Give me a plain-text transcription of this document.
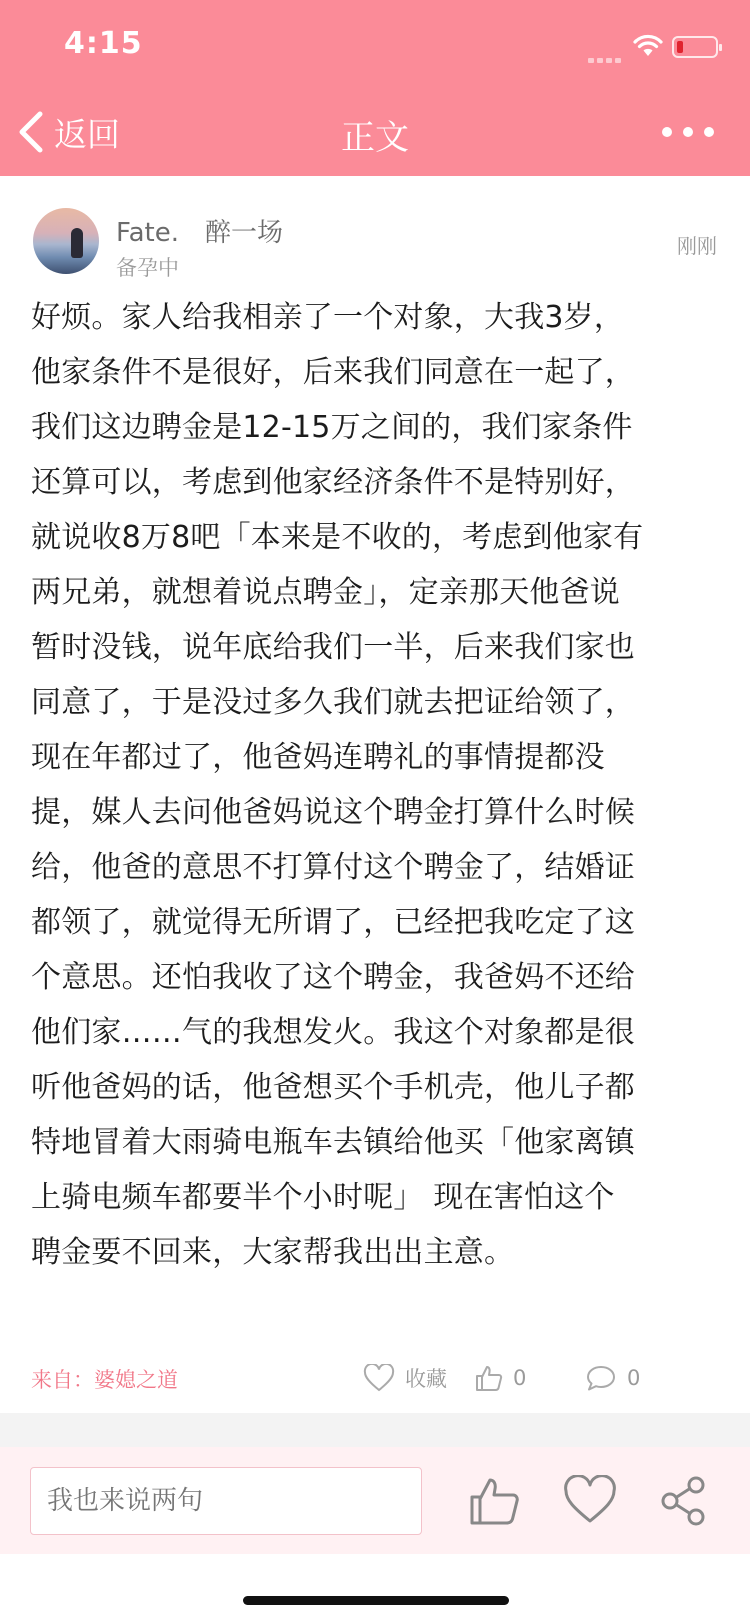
4:15
返回	正文
Fate.　醉一场
备孕中
刚刚
好烦。家人给我相亲了一个对象，大我3岁，
他家条件不是很好，后来我们同意在一起了，
我们这边聘金是12-15万之间的，我们家条件
还算可以，考虑到他家经济条件不是特别好，
就说收8万8吧「本来是不收的，考虑到他家有
两兄弟，就想着说点聘金」，定亲那天他爸说
暂时没钱，说年底给我们一半，后来我们家也
同意了，于是没过多久我们就去把证给领了，
现在年都过了，他爸妈连聘礼的事情提都没
提，媒人去问他爸妈说这个聘金打算什么时候
给，他爸的意思不打算付这个聘金了，结婚证
都领了，就觉得无所谓了，已经把我吃定了这
个意思。还怕我收了这个聘金，我爸妈不还给
他们家……气的我想发火。我这个对象都是很
听他爸妈的话，他爸想买个手机壳，他儿子都
特地冒着大雨骑电瓶车去镇给他买「他家离镇
上骑电频车都要半个小时呢」 现在害怕这个
聘金要不回来，大家帮我出出主意。
来自：婆媳之道	收藏	0	0
我也来说两句
